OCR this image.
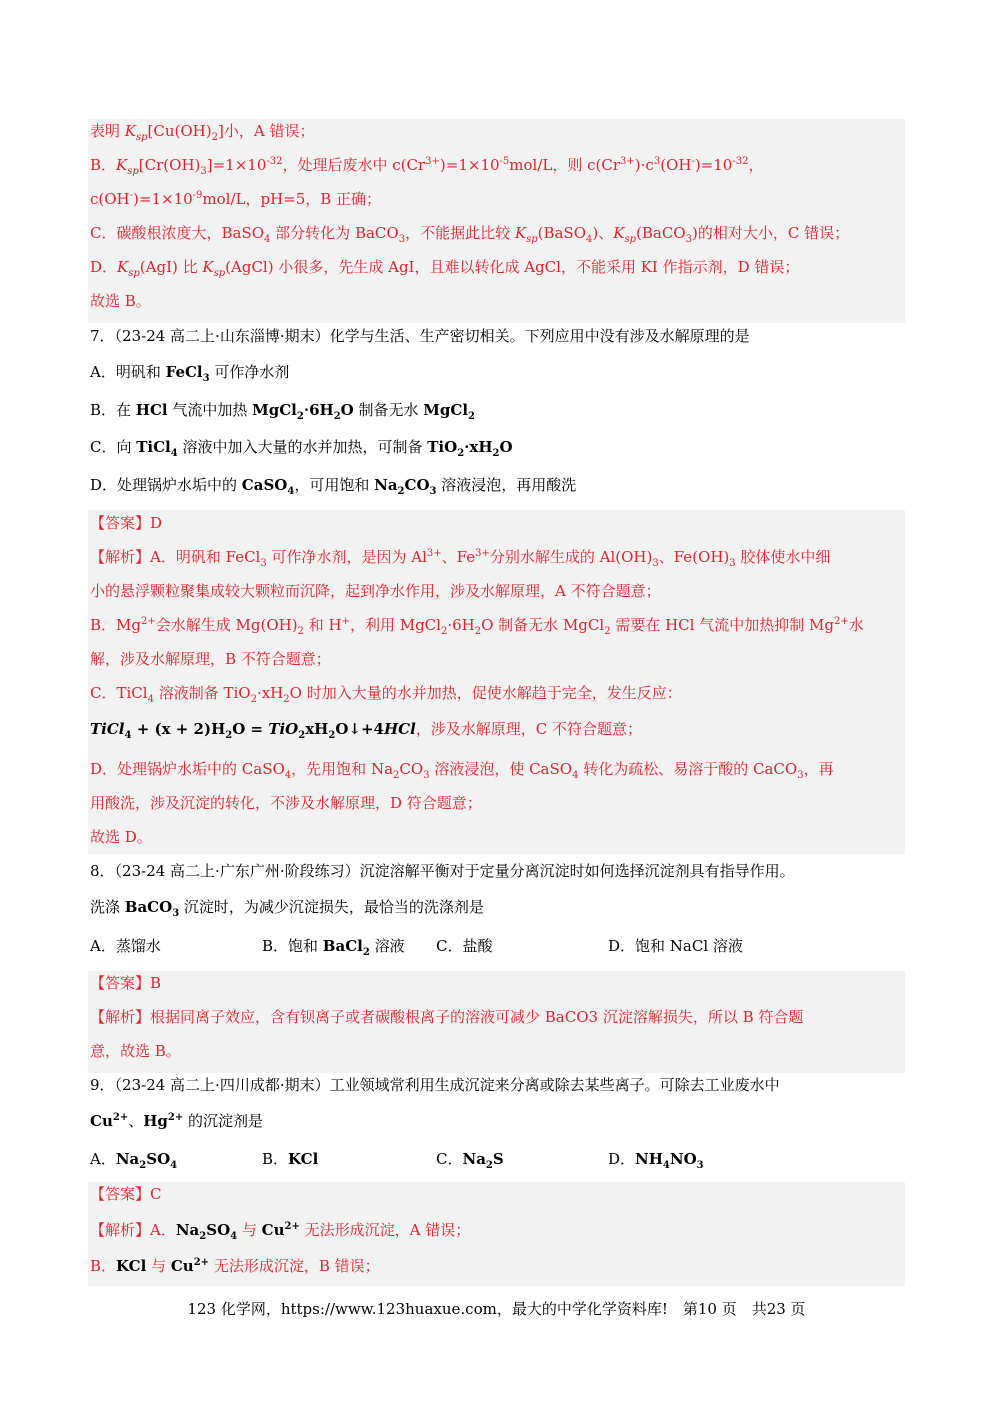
表明 $K_{sp}[Cu(OH)_2]$小，A 错误；
B．$K_{sp}[Cr(OH)_3]=1\times 10^{-32}$，处理后废水中 $c(Cr^{3+})=1\times 10^{-5}mol/L$，则 $c(Cr^{3+})\cdot c^3(OH^-)=10^{-32}$，
$c(OH^-)=1\times 10^{-9}mol/L$，pH=5，B 正确；
C．碳酸根浓度大，BaSO$_4$ 部分转化为 BaCO$_3$，不能据此比较 $K_{sp}(BaSO_4)$、$K_{sp}(BaCO_3)$的相对大小，C 错误；
D．$K_{sp}(AgI)$ 比 $K_{sp}(AgCl)$ 小很多，先生成 AgI，且难以转化成 AgCl，不能采用 KI 作指示剂，D 错误；
故选 B。
7．（23-24 高二上·山东淄博·期末）化学与生活、生产密切相关。下列应用中没有涉及水解原理的是
A．明矾和 FeCl$_3$ 可作净水剂
B．在 HCl 气流中加热 $MgCl_2\cdot 6H_2O$ 制备无水 MgCl$_2$
C．向 TiCl$_4$ 溶液中加入大量的水并加热，可制备 $TiO_2\cdot xH_2O$
D．处理锅炉水垢中的 CaSO$_4$，可用饱和 $Na_2CO_3$ 溶液浸泡，再用酸洗
【答案】D
【解析】A．明矾和 FeCl$_3$ 可作净水剂，是因为 $Al^{3+}$、$Fe^{3+}$分别水解生成的 $Al(OH)_3$、$Fe(OH)_3$ 胶体使水中细
小的悬浮颗粒聚集成较大颗粒而沉降，起到净水作用，涉及水解原理，A 不符合题意；
B．$Mg^{2+}$会水解生成 $Mg(OH)_2$ 和 H+，利用 $MgCl_2\cdot 6H_2O$ 制备无水 MgCl$_2$ 需要在 HCl 气流中加热抑制 $Mg^{2+}$水
解，涉及水解原理，B 不符合题意；
C．TiCl$_4$ 溶液制备 $TiO_2\cdot xH_2O$ 时加入大量的水并加热，促使水解趋于完全，发生反应：
TiCl$_4$ + $(x + 2)H_2O$ = $TiO_2xH_2O↓+4HCl$，涉及水解原理，C 不符合题意；
D．处理锅炉水垢中的 CaSO$_4$，先用饱和 $Na_2CO_3$ 溶液浸泡，使 CaSO$_4$ 转化为疏松、易溶于酸的 CaCO$_3$，再
用酸洗，涉及沉淀的转化，不涉及水解原理，D 符合题意；
故选 D。
8．（23-24 高二上·广东广州·阶段练习）沉淀溶解平衡对于定量分离沉淀时如何选择沉淀剂具有指导作用。
洗涤 BaCO$_3$ 沉淀时，为减少沉淀损失，最恰当的洗涤剂是
A．蒸馏水	B．饱和 BaCl$_2$ 溶液 C．盐酸	D．饱和 NaCl 溶液
【答案】B
【解析】根据同离子效应，含有钡离子或者碳酸根离子的溶液可减少 BaCO3 沉淀溶解损失，所以 B 符合题
意，故选 B。
9．（23-24 高二上·四川成都·期末）工业领域常利用生成沉淀来分离或除去某些离子。可除去工业废水中
$Cu^{2+}$、$Hg^{2+}$ 的沉淀剂是
A．$Na_2SO_4$	B．KCl	C．$Na_2S$	D．$NH_4NO_3$
【答案】C
【解析】A．$Na_2SO_4$ 与 $Cu^{2+}$ 无法形成沉淀，A 错误；
B．KCl 与 $Cu^{2+}$ 无法形成沉淀，B 错误；
123 化学网，https://www.123huaxue.com，最大的中学化学资料库!　第10 页　共23 页
